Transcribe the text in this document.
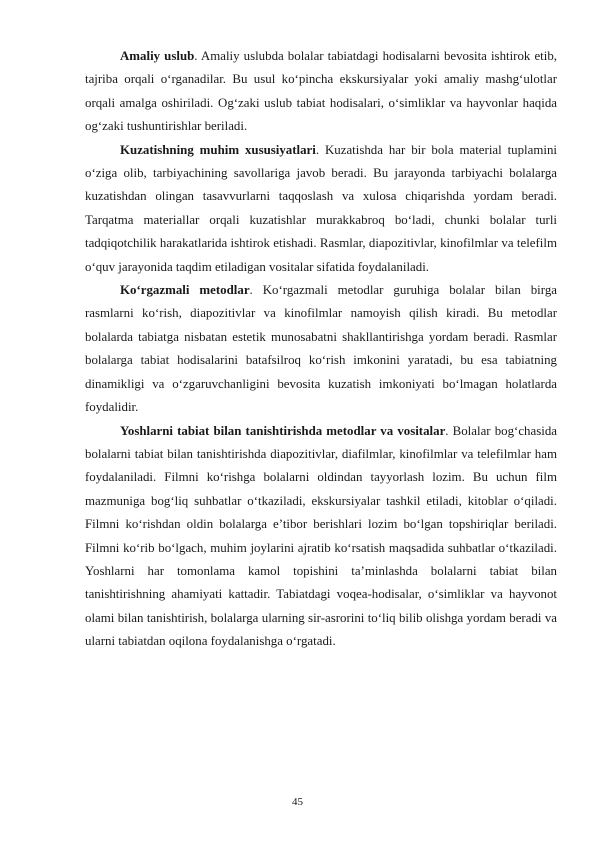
Amaliy uslub. Amaliy uslubda bolalar tabiatdagi hodisalarni bevosita ishtirok etib, tajriba orqali o‘rganadilar. Bu usul ko‘pincha ekskursiyalar yoki amaliy mashg‘ulotlar orqali amalga oshiriladi. Og‘zaki uslub tabiat hodisalari, o‘simliklar va hayvonlar haqida og‘zaki tushuntirishlar beriladi.

Kuzatishning muhim xususiyatlari. Kuzatishda har bir bola material tuplamini o‘ziga olib, tarbiyachining savollariga javob beradi. Bu jarayonda tarbiyachi bolalarga kuzatishdan olingan tasavvurlarni taqqoslash va xulosa chiqarishda yordam beradi. Tarqatma materiallar orqali kuzatishlar murakkabroq bo‘ladi, chunki bolalar turli tadqiqotchilik harakatlarida ishtirok etishadi. Rasmlar, diapozitivlar, kinofilmlar va telefilm o‘quv jarayonida taqdim etiladigan vositalar sifatida foydalaniladi.

Ko‘rgazmali metodlar. Ko‘rgazmali metodlar guruhiga bolalar bilan birga rasmlarni ko‘rish, diapozitivlar va kinofilmlar namoyish qilish kiradi. Bu metodlar bolalarda tabiatga nisbatan estetik munosabatni shakllantirishga yordam beradi. Rasmlar bolalarga tabiat hodisalarini batafsilroq ko‘rish imkonini yaratadi, bu esa tabiatning dinamikligi va o‘zgaruvchanligini bevosita kuzatish imkoniyati bo‘lmagan holatlarda foydalidir.

Yoshlarni tabiat bilan tanishtirishda metodlar va vositalar. Bolalar bog‘chasida bolalarni tabiat bilan tanishtirishda diapozitivlar, diafilmlar, kinofilmlar va telefilmlar ham foydalaniladi. Filmni ko‘rishga bolalarni oldindan tayyorlash lozim. Bu uchun film mazmuniga bog‘liq suhbatlar o‘tkaziladi, ekskursiyalar tashkil etiladi, kitoblar o‘qiladi. Filmni ko‘rishdan oldin bolalarga e’tibor berishlari lozim bo‘lgan topshiriqlar beriladi. Filmni ko‘rib bo‘lgach, muhim joylarini ajratib ko‘rsatish maqsadida suhbatlar o‘tkaziladi. Yoshlarni har tomonlama kamol topishini ta’minlashda bolalarni tabiat bilan tanishtirishning ahamiyati kattadir. Tabiatdagi voqea-hodisalar, o‘simliklar va hayvonot olami bilan tanishtirish, bolalarga ularning sir-asrorini to‘liq bilib olishga yordam beradi va ularni tabiatdan oqilona foydalanishga o‘rgatadi.

45
